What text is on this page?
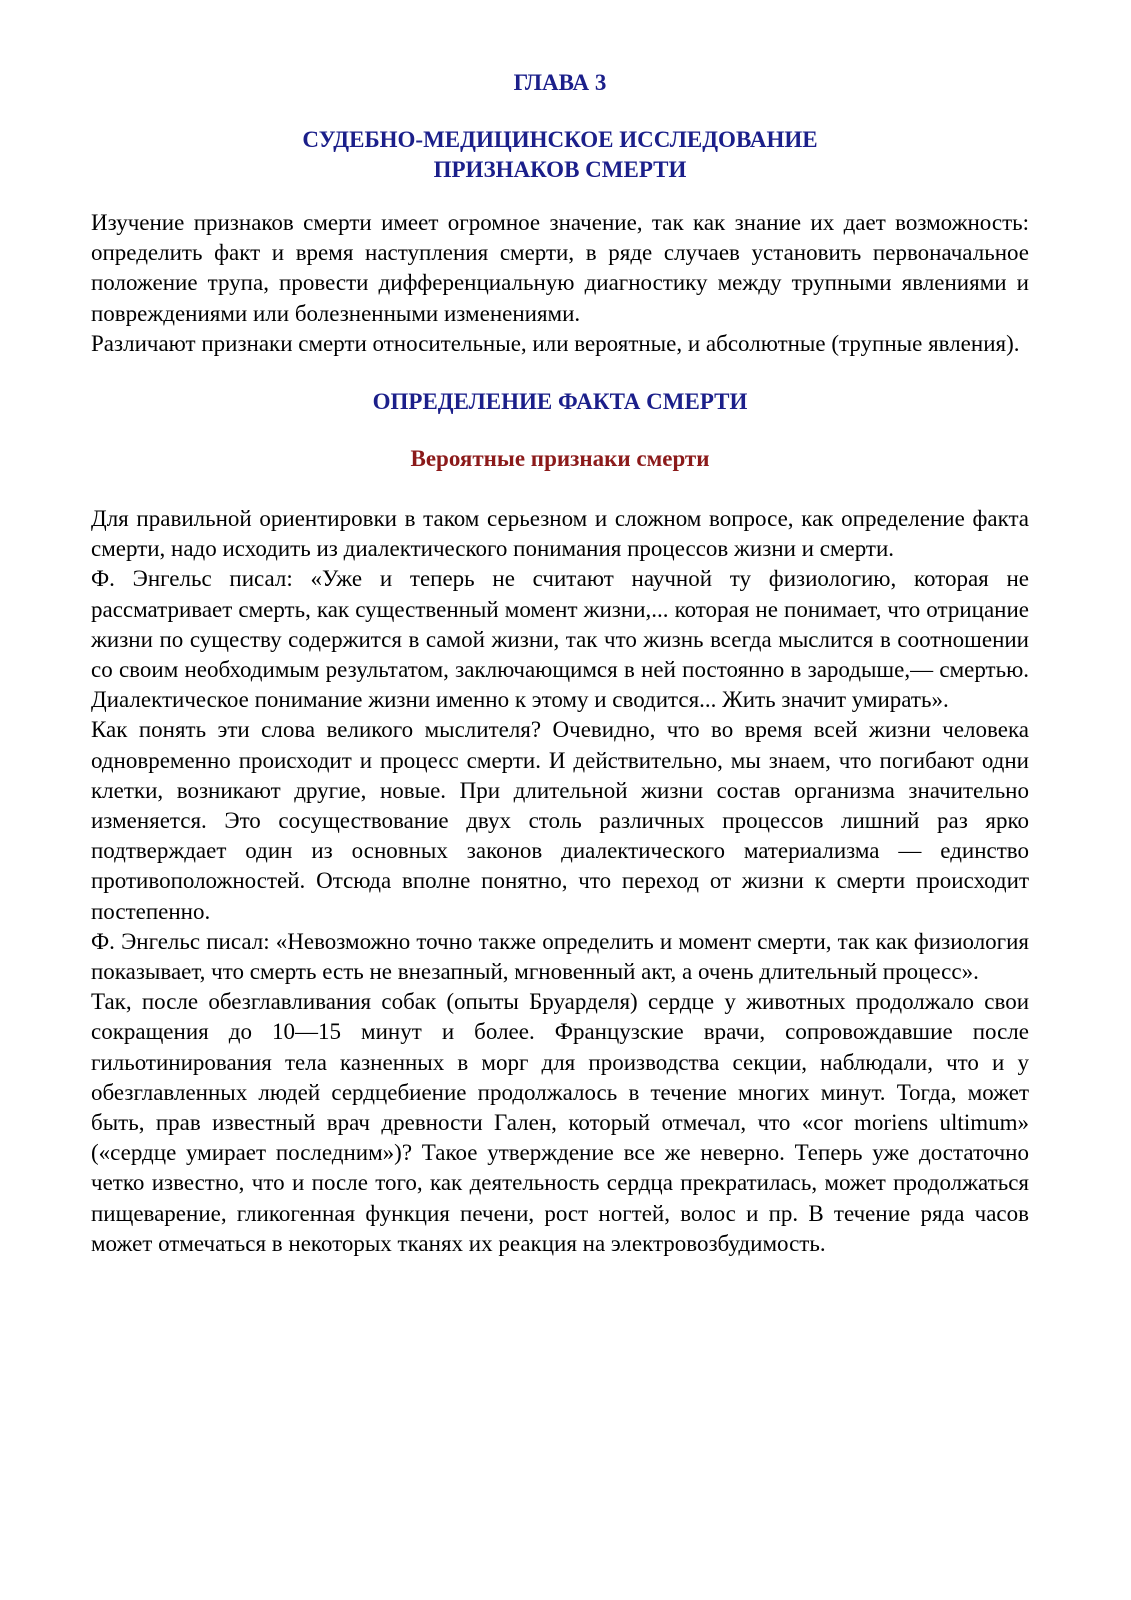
ГЛАВА 3
СУДЕБНО-МЕДИЦИНСКОЕ ИССЛЕДОВАНИЕ
ПРИЗНАКОВ СМЕРТИ

Изучение признаков смерти имеет огромное значение, так как знание их дает возможность: определить факт и время наступления смерти, в ряде случаев установить первоначальное положение трупа, провести дифференциальную диагностику между трупными явлениями и повреждениями или болезненными изменениями.

Различают признаки смерти относительные, или вероятные, и абсолютные (трупные явления).

ОПРЕДЕЛЕНИЕ ФАКТА СМЕРТИ
Вероятные признаки смерти

Для правильной ориентировки в таком серьезном и сложном вопросе, как определение факта смерти, надо исходить из диалектического понимания процессов жизни и смерти.

Ф. Энгельс писал: «Уже и теперь не считают научной ту физиологию, которая не рассматривает смерть, как существенный момент жизни,... которая не понимает, что отрицание жизни по существу содержится в самой жизни, так что жизнь всегда мыслится в соотношении со своим необходимым результатом, заключающимся в ней постоянно в зародыше,— смертью. Диалектическое понимание жизни именно к этому и сводится... Жить значит умирать».

Как понять эти слова великого мыслителя? Очевидно, что во время всей жизни человека одновременно происходит и процесс смерти. И действительно, мы знаем, что погибают одни клетки, возникают другие, новые. При длительной жизни состав организма значительно изменяется. Это сосуществование двух столь различных процессов лишний раз ярко подтверждает один из основных законов диалектического материализма — единство противоположностей. Отсюда вполне понятно, что переход от жизни к смерти происходит постепенно.

Ф. Энгельс писал: «Невозможно точно также определить и момент смерти, так как физиология показывает, что смерть есть не внезапный, мгновенный акт, а очень длительный процесс».

Так, после обезглавливания собак (опыты Бруарделя) сердце у животных продолжало свои сокращения до 10—15 минут и более. Французские врачи, сопровождавшие после гильотинирования тела казненных в морг для производства секции, наблюдали, что и у обезглавленных людей сердцебиение продолжалось в течение многих минут. Тогда, может быть, прав известный врач древности Гален, который отмечал, что «cor moriens ultimum» («сердце умирает последним»)? Такое утверждение все же неверно. Теперь уже достаточно четко известно, что и после того, как деятельность сердца прекратилась, может продолжаться пищеварение, гликогенная функция печени, рост ногтей, волос и пр. В течение ряда часов может отмечаться в некоторых тканях их реакция на электровозбудимость.
